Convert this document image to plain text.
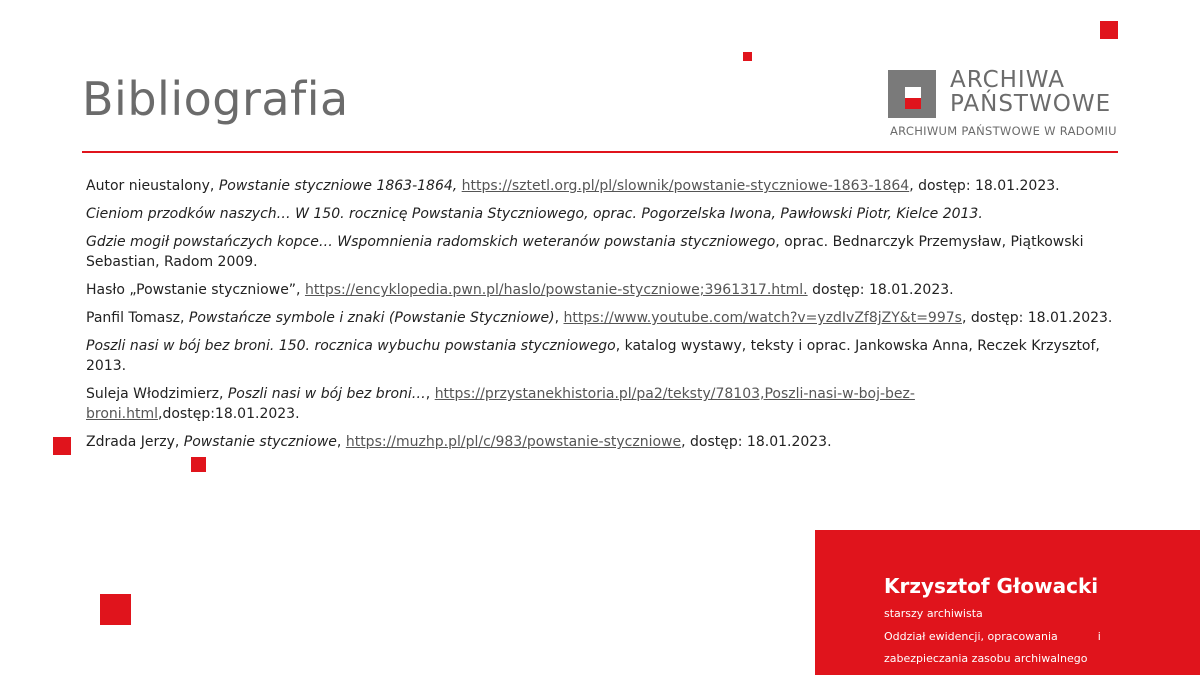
Bibliografia	ARCHIWA
PAŃSTWOWE
ARCHIWUM PAŃSTWOWE W RADOMIU

Autor nieustalony, Powstanie styczniowe 1863-1864, https://sztetl.org.pl/pl/slownik/powstanie-styczniowe-1863-1864, dostęp: 18.01.2023.

Cieniom przodków naszych… W 150. rocznicę Powstania Styczniowego, oprac. Pogorzelska Iwona, Pawłowski Piotr, Kielce 2013.

Gdzie mogił powstańczych kopce… Wspomnienia radomskich weteranów powstania styczniowego, oprac. Bednarczyk Przemysław, Piątkowski Sebastian, Radom 2009.

Hasło „Powstanie styczniowe”, https://encyklopedia.pwn.pl/haslo/powstanie-styczniowe;3961317.html. dostęp: 18.01.2023.

Panfil Tomasz, Powstańcze symbole i znaki (Powstanie Styczniowe), https://www.youtube.com/watch?v=yzdIvZf8jZY&t=997s, dostęp: 18.01.2023.

Poszli nasi w bój bez broni. 150. rocznica wybuchu powstania styczniowego, katalog wystawy, teksty i oprac. Jankowska Anna, Reczek Krzysztof, 2013.

Suleja Włodzimierz, Poszli nasi w bój bez broni…, https://przystanekhistoria.pl/pa2/teksty/78103,Poszli-nasi-w-boj-bez-broni.html,dostęp:18.01.2023.

Zdrada Jerzy, Powstanie styczniowe, https://muzhp.pl/pl/c/983/powstanie-styczniowe, dostęp: 18.01.2023.

Krzysztof Głowacki
starszy archiwista
Oddział ewidencji, opracowania	i
zabezpieczania zasobu archiwalnego
